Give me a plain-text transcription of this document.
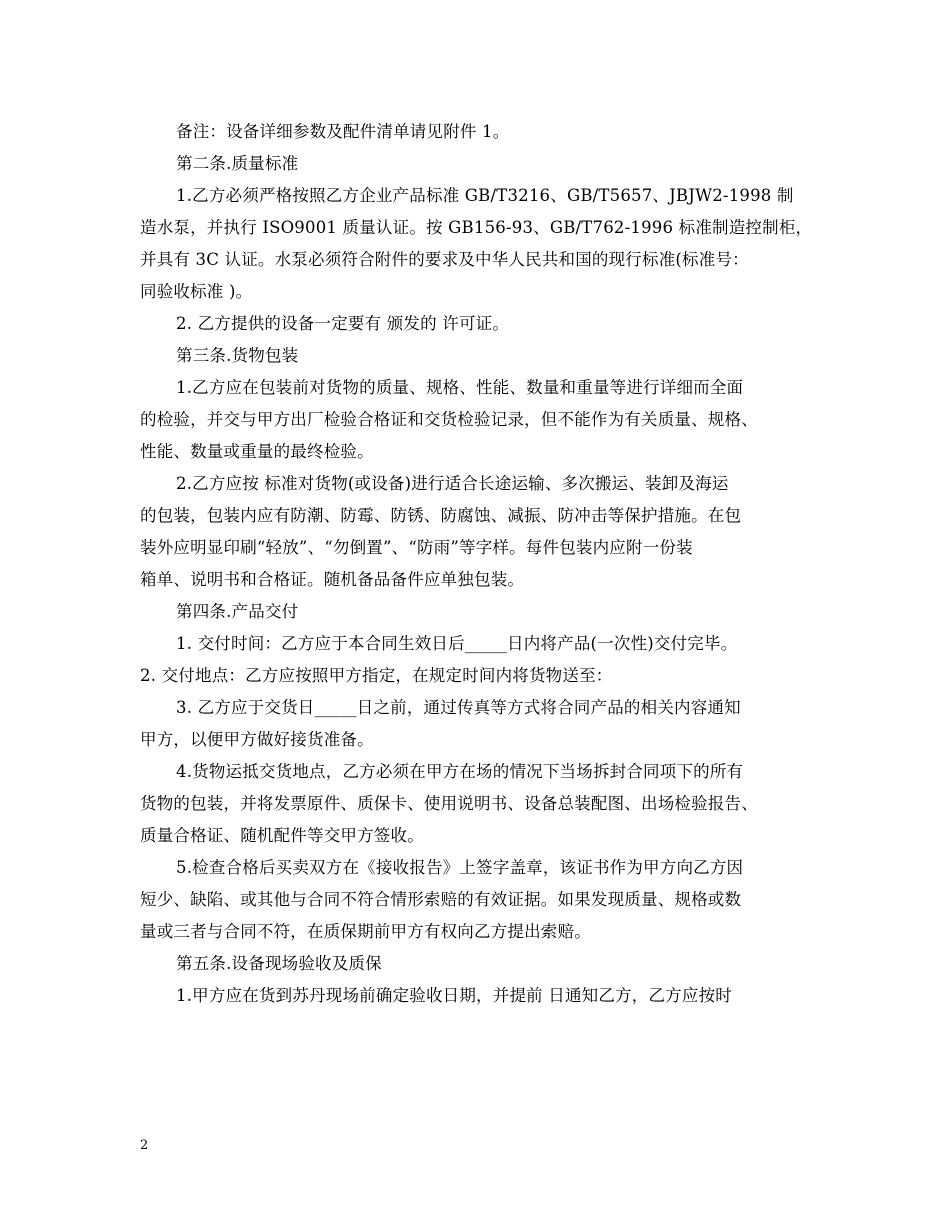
备注：设备详细参数及配件清单请见附件 1。
第二条.质量标准
1.乙方必须严格按照乙方企业产品标准 GB/T3216、GB/T5657、JBJW2-1998 制
造水泵，并执行 ISO9001 质量认证。按 GB156-93、GB/T762-1996 标准制造控制柜，
并具有 3C 认证。水泵必须符合附件的要求及中华人民共和国的现行标准(标准号：
同验收标准 )。
2. 乙方提供的设备一定要有 颁发的 许可证。
第三条.货物包装
1.乙方应在包装前对货物的质量、规格、性能、数量和重量等进行详细而全面
的检验，并交与甲方出厂检验合格证和交货检验记录，但不能作为有关质量、规格、
性能、数量或重量的最终检验。
2.乙方应按 标准对货物(或设备)进行适合长途运输、多次搬运、装卸及海运
的包装，包装内应有防潮、防霉、防锈、防腐蚀、减振、防冲击等保护措施。在包
装外应明显印刷“轻放”、“勿倒置”、“防雨”等字样。每件包装内应附一份装
箱单、说明书和合格证。随机备品备件应单独包装。
第四条.产品交付
1. 交付时间：乙方应于本合同生效日后_____日内将产品(一次性)交付完毕。
2. 交付地点：乙方应按照甲方指定，在规定时间内将货物送至：
3. 乙方应于交货日_____日之前，通过传真等方式将合同产品的相关内容通知
甲方，以便甲方做好接货准备。
4.货物运抵交货地点，乙方必须在甲方在场的情况下当场拆封合同项下的所有
货物的包装，并将发票原件、质保卡、使用说明书、设备总装配图、出场检验报告、
质量合格证、随机配件等交甲方签收。
5.检查合格后买卖双方在《接收报告》上签字盖章，该证书作为甲方向乙方因
短少、缺陷、或其他与合同不符合情形索赔的有效证据。如果发现质量、规格或数
量或三者与合同不符，在质保期前甲方有权向乙方提出索赔。
第五条.设备现场验收及质保
1.甲方应在货到苏丹现场前确定验收日期，并提前 日通知乙方，乙方应按时
2
